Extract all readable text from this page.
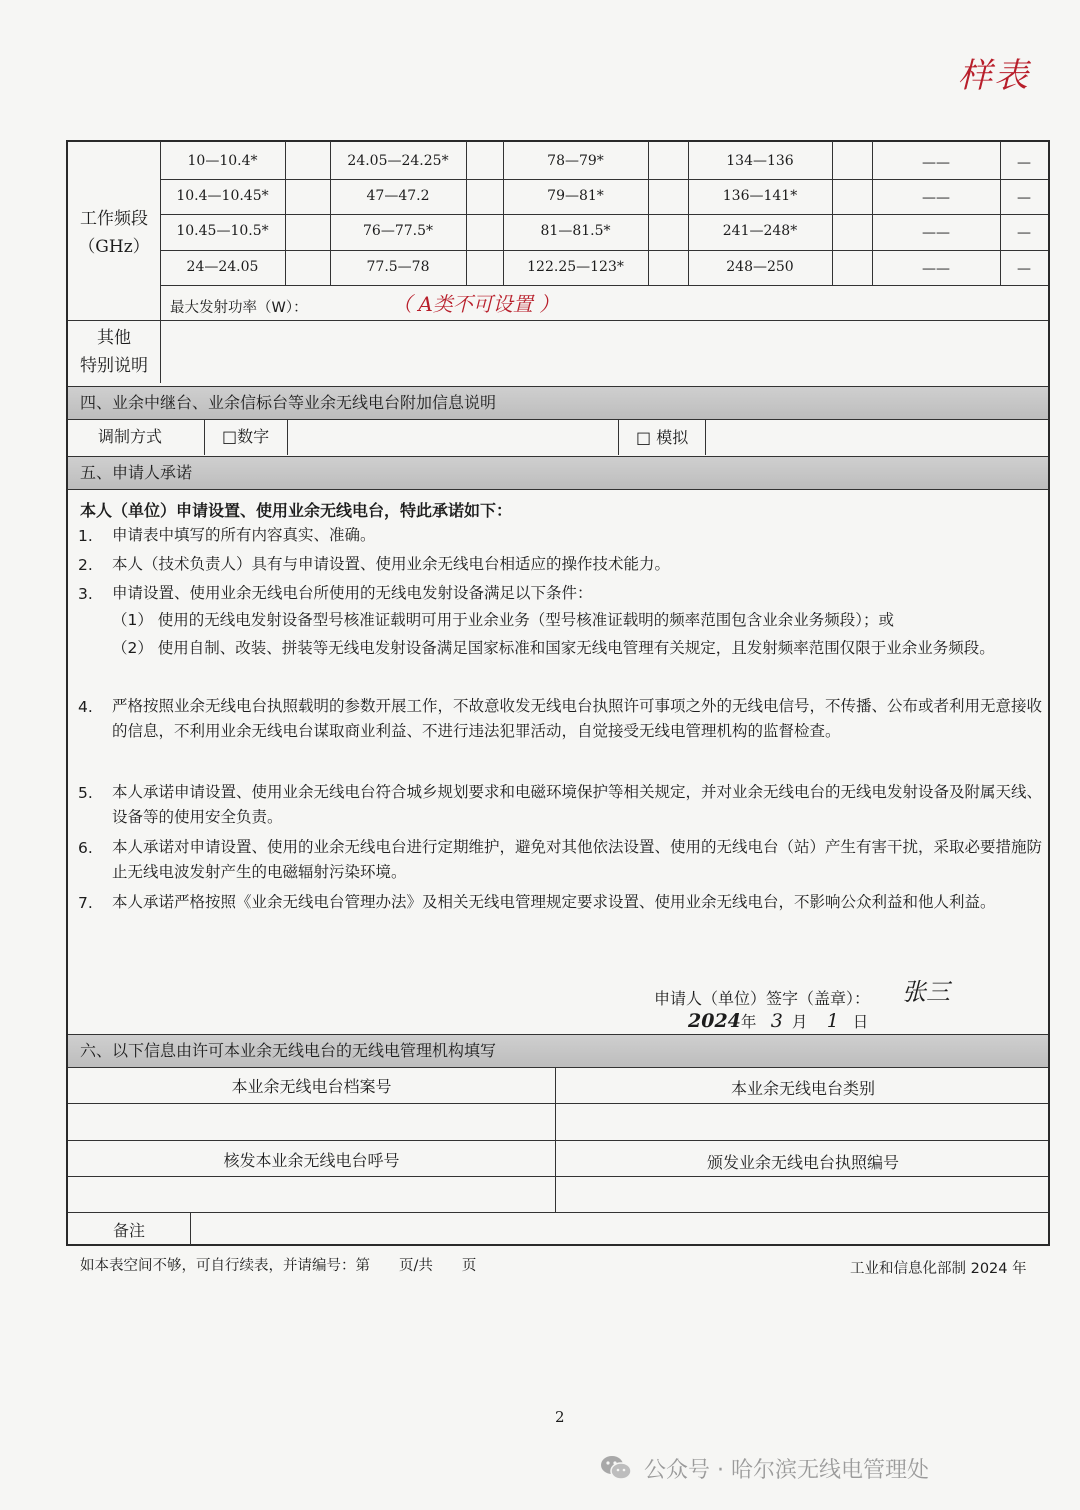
样表
工作频段
（GHz）
10—10.4*	24.05—24.25*	78—79*	134—136	——	—
10.4—10.45*	47—47.2	79—81*	136—141*	——	—
10.45—10.5*	76—77.5*	81—81.5*	241—248*	——	—
24—24.05	77.5—78	122.25—123*	248—250	——	—
最大发射功率（W）：	（ A类不可设置 ）
其他
特别说明
四、业余中继台、业余信标台等业余无线电台附加信息说明
调制方式	□数字	□ 模拟
五、申请人承诺
本人（单位）申请设置、使用业余无线电台，特此承诺如下：
1. 申请表中填写的所有内容真实、准确。
2. 本人（技术负责人）具有与申请设置、使用业余无线电台相适应的操作技术能力。
3. 申请设置、使用业余无线电台所使用的无线电发射设备满足以下条件：
（1） 使用的无线电发射设备型号核准证载明可用于业余业务（型号核准证载明的频率范围包含业余业务频段）；或
（2） 使用自制、改装、拼装等无线电发射设备满足国家标准和国家无线电管理有关规定，且发射频率范围仅限于业余业务频段。
4. 严格按照业余无线电台执照载明的参数开展工作，不故意收发无线电台执照许可事项之外的无线电信号，不传播、公布或者利用无意接收的信息，不利用业余无线电台谋取商业利益、不进行违法犯罪活动，自觉接受无线电管理机构的监督检查。
5. 本人承诺申请设置、使用业余无线电台符合城乡规划要求和电磁环境保护等相关规定，并对业余无线电台的无线电发射设备及附属天线、设备等的使用安全负责。
6. 本人承诺对申请设置、使用的业余无线电台进行定期维护，避免对其他依法设置、使用的无线电台（站）产生有害干扰，采取必要措施防止无线电波发射产生的电磁辐射污染环境。
7. 本人承诺严格按照《业余无线电台管理办法》及相关无线电管理规定要求设置、使用业余无线电台，不影响公众利益和他人利益。
申请人（单位）签字（盖章）： 张三
2024年 3 月 1 日
六、以下信息由许可本业余无线电台的无线电管理机构填写
本业余无线电台档案号	本业余无线电台类别
核发本业余无线电台呼号	颁发业余无线电台执照编号
备注
如本表空间不够，可自行续表，并请编号：第　　页/共　　页	工业和信息化部制 2024 年
2
公众号 · 哈尔滨无线电管理处
